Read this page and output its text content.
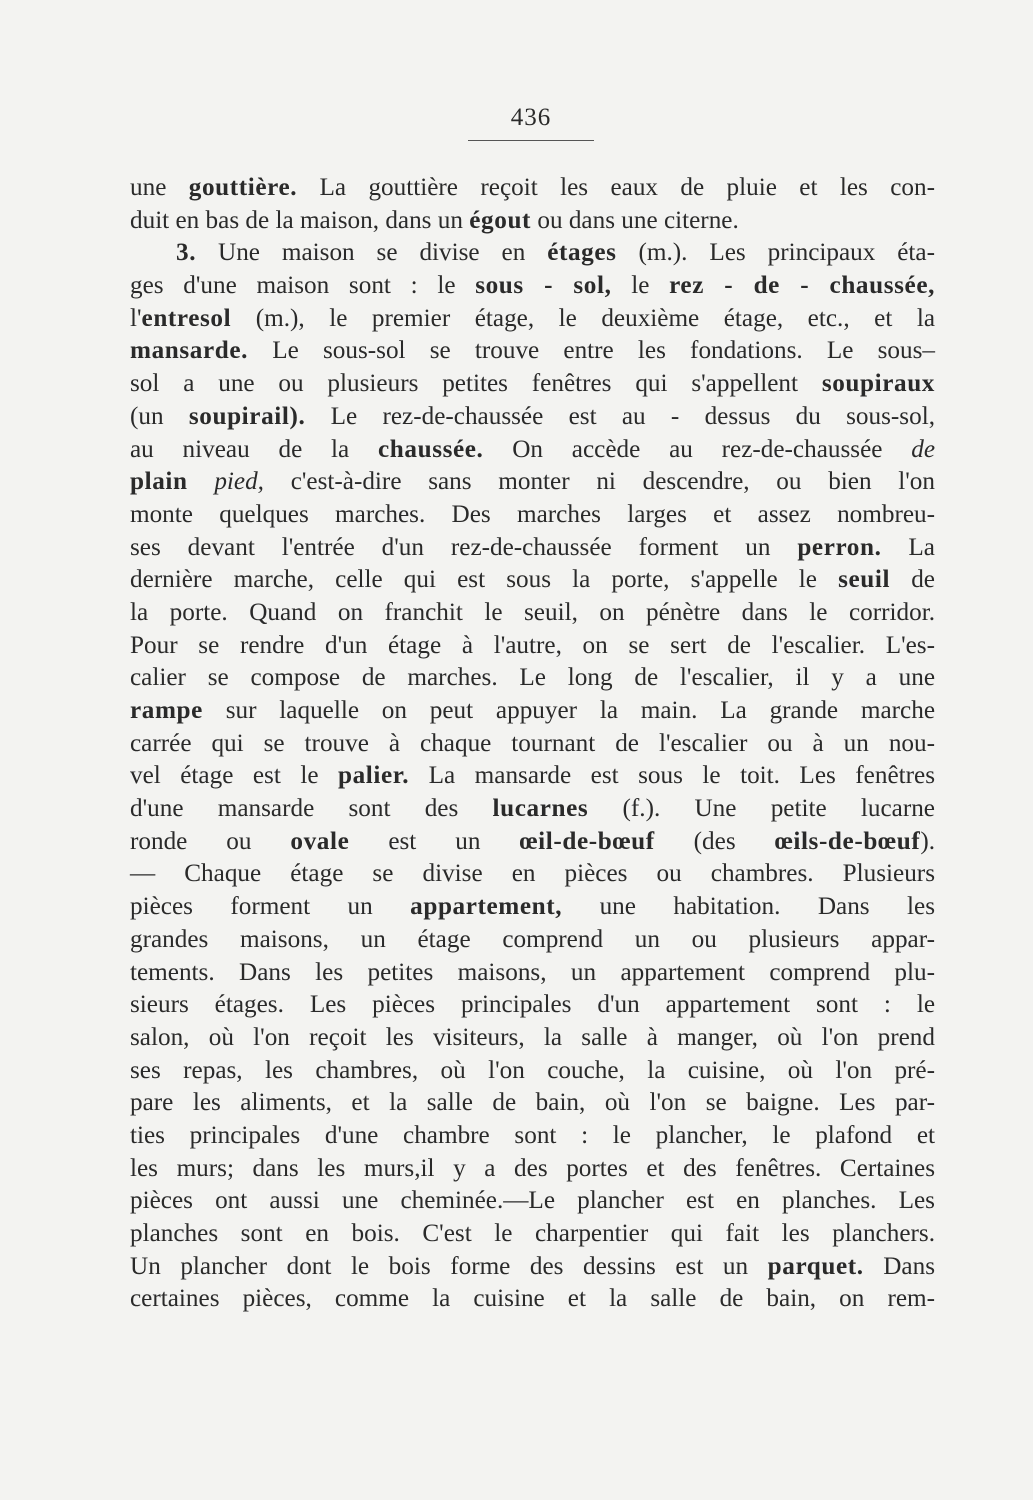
436
une gouttière. La gouttière reçoit les eaux de pluie et les con-
duit en bas de la maison, dans un égout ou dans une citerne.
3. Une maison se divise en étages (m.). Les principaux éta-
ges d'une maison sont : le sous - sol, le rez - de - chaussée,
l'entresol (m.), le premier étage, le deuxième étage, etc., et la
mansarde. Le sous-sol se trouve entre les fondations. Le sous–
sol a une ou plusieurs petites fenêtres qui s'appellent soupiraux
(un soupirail). Le rez-de-chaussée est au - dessus du sous-sol,
au niveau de la chaussée. On accède au rez-de-chaussée de
plain pied, c'est-à-dire sans monter ni descendre, ou bien l'on
monte quelques marches. Des marches larges et assez nombreu-
ses devant l'entrée d'un rez-de-chaussée forment un perron. La
dernière marche, celle qui est sous la porte, s'appelle le seuil de
la porte. Quand on franchit le seuil, on pénètre dans le corridor.
Pour se rendre d'un étage à l'autre, on se sert de l'escalier. L'es-
calier se compose de marches. Le long de l'escalier, il y a une
rampe sur laquelle on peut appuyer la main. La grande marche
carrée qui se trouve à chaque tournant de l'escalier ou à un nou-
vel étage est le palier. La mansarde est sous le toit. Les fenêtres
d'une mansarde sont des lucarnes (f.). Une petite lucarne
ronde ou ovale est un œil-de-bœuf (des œils-de-bœuf).
— Chaque étage se divise en pièces ou chambres. Plusieurs
pièces forment un appartement, une habitation. Dans les
grandes maisons, un étage comprend un ou plusieurs appar-
tements. Dans les petites maisons, un appartement comprend plu-
sieurs étages. Les pièces principales d'un appartement sont : le
salon, où l'on reçoit les visiteurs, la salle à manger, où l'on prend
ses repas, les chambres, où l'on couche, la cuisine, où l'on pré-
pare les aliments, et la salle de bain, où l'on se baigne. Les par-
ties principales d'une chambre sont : le plancher, le plafond et
les murs; dans les murs,il y a des portes et des fenêtres. Certaines
pièces ont aussi une cheminée.—Le plancher est en planches. Les
planches sont en bois. C'est le charpentier qui fait les planchers.
Un plancher dont le bois forme des dessins est un parquet. Dans
certaines pièces, comme la cuisine et la salle de bain, on rem-
